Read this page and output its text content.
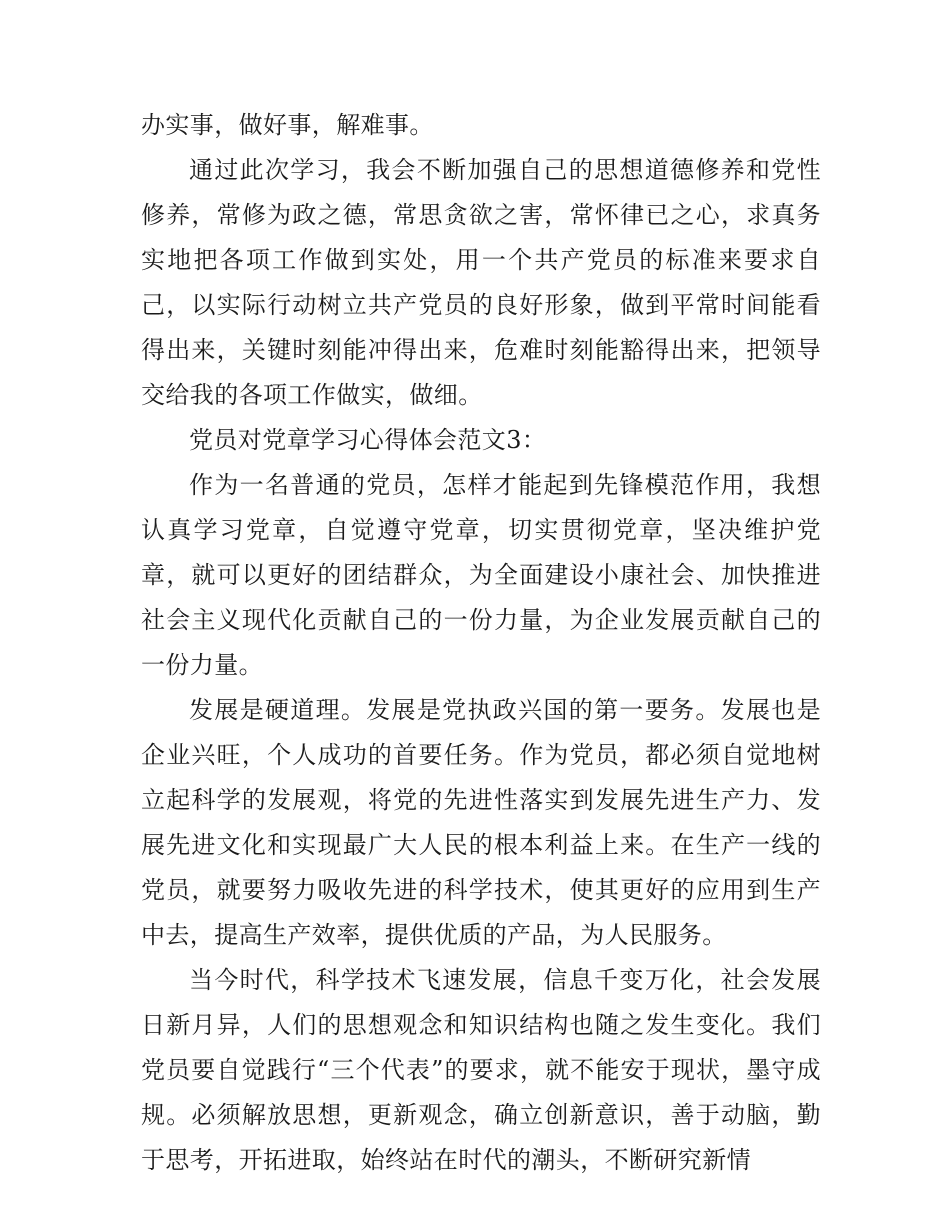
办实事，做好事，解难事。

通过此次学习，我会不断加强自己的思想道德修养和党性修养，常修为政之德，常思贪欲之害，常怀律已之心，求真务实地把各项工作做到实处，用一个共产党员的标准来要求自己，以实际行动树立共产党员的良好形象，做到平常时间能看得出来，关键时刻能冲得出来，危难时刻能豁得出来，把领导交给我的各项工作做实，做细。

党员对党章学习心得体会范文3：

作为一名普通的党员，怎样才能起到先锋模范作用，我想认真学习党章，自觉遵守党章，切实贯彻党章，坚决维护党章，就可以更好的团结群众，为全面建设小康社会、加快推进社会主义现代化贡献自己的一份力量，为企业发展贡献自己的一份力量。

发展是硬道理。发展是党执政兴国的第一要务。发展也是企业兴旺，个人成功的首要任务。作为党员，都必须自觉地树立起科学的发展观，将党的先进性落实到发展先进生产力、发展先进文化和实现最广大人民的根本利益上来。在生产一线的党员，就要努力吸收先进的科学技术，使其更好的应用到生产中去，提高生产效率，提供优质的产品，为人民服务。

当今时代，科学技术飞速发展，信息千变万化，社会发展日新月异，人们的思想观念和知识结构也随之发生变化。我们党员要自觉践行“三个代表”的要求，就不能安于现状，墨守成规。必须解放思想，更新观念，确立创新意识，善于动脑，勤于思考，开拓进取，始终站在时代的潮头，不断研究新情
